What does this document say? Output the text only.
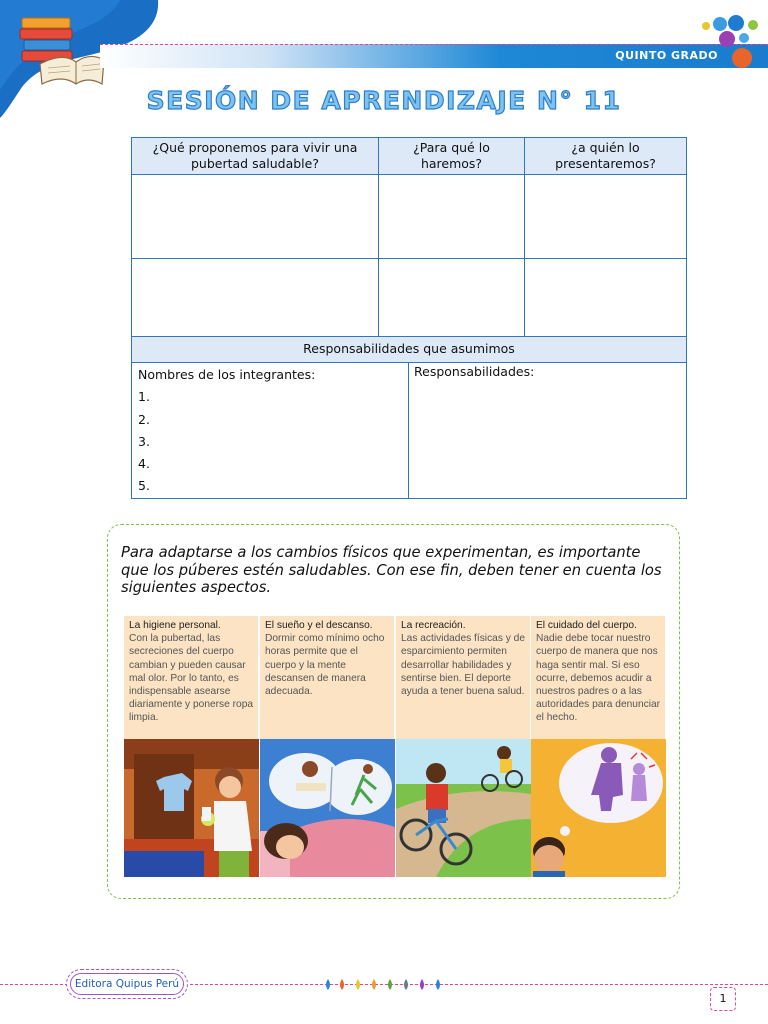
QUINTO GRADO
SESIÓN DE APRENDIZAJE N° 11
¿Qué proponemos para vivir una pubertad saludable?	¿Para qué lo haremos?	¿a quién lo presentaremos?

Responsabilidades que asumimos
Nombres de los integrantes:
1.
2.
3.
4.
5.
Responsabilidades:
Para adaptarse a los cambios físicos que experimentan, es importante que los púberes estén saludables. Con ese fin, deben tener en cuenta los siguientes aspectos.
La higiene personal.
Con la pubertad, las secreciones del cuerpo cambian y pueden causar mal olor. Por lo tanto, es indispensable asearse diariamente y ponerse ropa limpia.
El sueño y el descanso.
Dormir como mínimo ocho horas permite que el cuerpo y la mente descansen de manera adecuada.
La recreación.
Las actividades físicas y de esparcimiento permiten desarrollar habilidades y sentirse bien. El deporte ayuda a tener buena salud.
El cuidado del cuerpo.
Nadie debe tocar nuestro cuerpo de manera que nos haga sentir mal. Si eso ocurre, debemos acudir a nuestros padres o a las autoridades para denunciar el hecho.
Editora Quipus Perú
1
